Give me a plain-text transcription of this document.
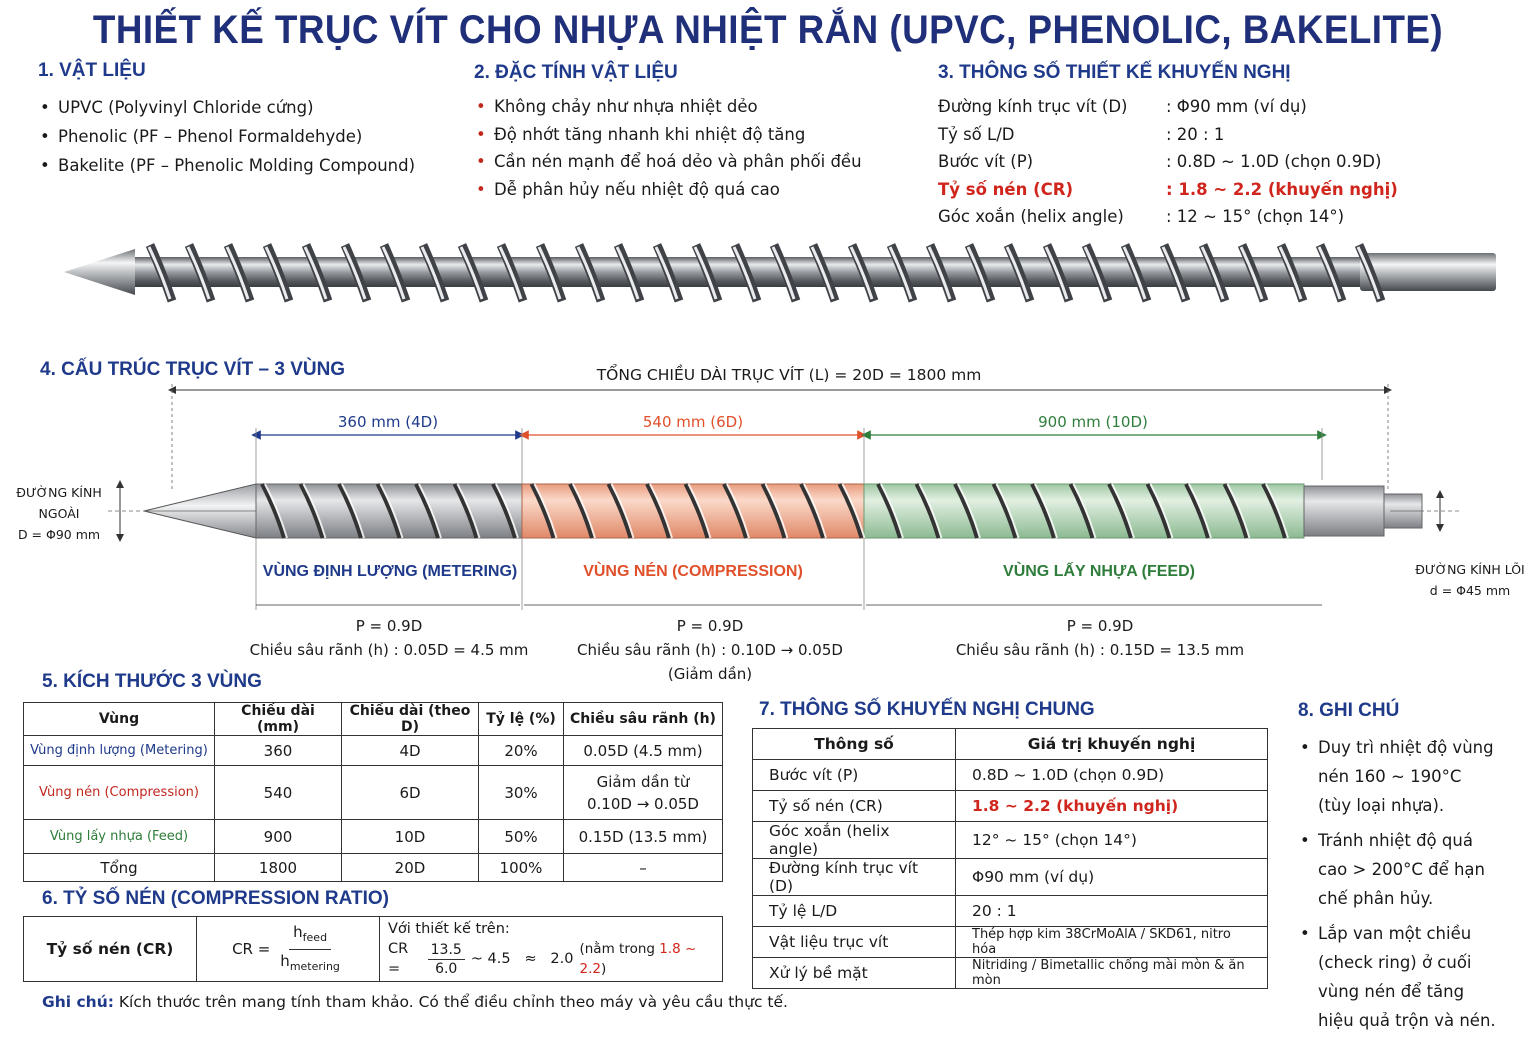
THIẾT KẾ TRỤC VÍT CHO NHỰA NHIỆT RẮN (UPVC, PHENOLIC, BAKELITE)
1. VẬT LIỆU
• UPVC (Polyvinyl Chloride cứng)
• Phenolic (PF – Phenol Formaldehyde)
• Bakelite (PF – Phenolic Molding Compound)
2. ĐẶC TÍNH VẬT LIỆU
• Không chảy như nhựa nhiệt dẻo
• Độ nhớt tăng nhanh khi nhiệt độ tăng
• Cần nén mạnh để hoá dẻo và phân phối đều
• Dễ phân hủy nếu nhiệt độ quá cao
3. THÔNG SỐ THIẾT KẾ KHUYẾN NGHỊ
Đường kính trục vít (D)	: Φ90 mm (ví dụ)
Tỷ số L/D	: 20 : 1
Bước vít (P)	: 0.8D ~ 1.0D (chọn 0.9D)
Tỷ số nén (CR)	: 1.8 ~ 2.2 (khuyến nghị)
Góc xoắn (helix angle)	: 12 ~ 15° (chọn 14°)
4. CẤU TRÚC TRỤC VÍT – 3 VÙNG	TỔNG CHIỀU DÀI TRỤC VÍT (L) = 20D = 1800 mm
360 mm (4D)	540 mm (6D)	900 mm (10D)
ĐƯỜNG KÍNH
NGOÀI
D = Φ90 mm
ĐƯỜNG KÍNH LÕI
d = Φ45 mm
VÙNG ĐỊNH LƯỢNG (METERING)	VÙNG NÉN (COMPRESSION)	VÙNG LẤY NHỰA (FEED)
P = 0.9D
Chiều sâu rãnh (h) : 0.05D = 4.5 mm
P = 0.9D
Chiều sâu rãnh (h) : 0.10D → 0.05D
(Giảm dần)
P = 0.9D
Chiều sâu rãnh (h) : 0.15D = 13.5 mm
5. KÍCH THƯỚC 3 VÙNG
Vùng	Chiều dài (mm)	Chiều dài (theo D)	Tỷ lệ (%)	Chiều sâu rãnh (h)
Vùng định lượng (Metering)	360	4D	20%	0.05D (4.5 mm)
Vùng nén (Compression)	540	6D	30%	Giảm dần từ
0.10D → 0.05D

Vùng lấy nhựa (Feed)	900	10D	50%	0.15D (13.5 mm)
Tổng	1800	20D	100%	–
6. TỶ SỐ NÉN (COMPRESSION RATIO)
Tỷ số nén (CR)	CR =
$h_{feed}$
$h_{metering}$

Với thiết kế trên:
CR =	$\frac{13.5}{6.0}$ ~ 4.5   ≈   2.0
(nằm trong 1.8 ~ 2.2)
7. THÔNG SỐ KHUYẾN NGHỊ CHUNG
Thông số	Giá trị khuyến nghị
Bước vít (P)	0.8D ~ 1.0D (chọn 0.9D)
Tỷ số nén (CR)	1.8 ~ 2.2 (khuyến nghị)
Góc xoắn (helix angle)	12° ~ 15° (chọn 14°)
Đường kính trục vít (D)	Φ90 mm (ví dụ)
Tỷ lệ L/D	20 : 1
Vật liệu trục vít	Thép hợp kim 38CrMoAlA / SKD61, nitro hóa
Xử lý bề mặt	Nitriding / Bimetallic chống mài mòn & ăn mòn
8. GHI CHÚ
• Duy trì nhiệt độ vùng nén 160 ~ 190°C (tùy loại nhựa).
• Tránh nhiệt độ quá cao > 200°C để hạn chế phân hủy.
• Lắp van một chiều (check ring) ở cuối vùng nén để tăng hiệu quả trộn và nén.
Ghi chú: Kích thước trên mang tính tham khảo. Có thể điều chỉnh theo máy và yêu cầu thực tế.
